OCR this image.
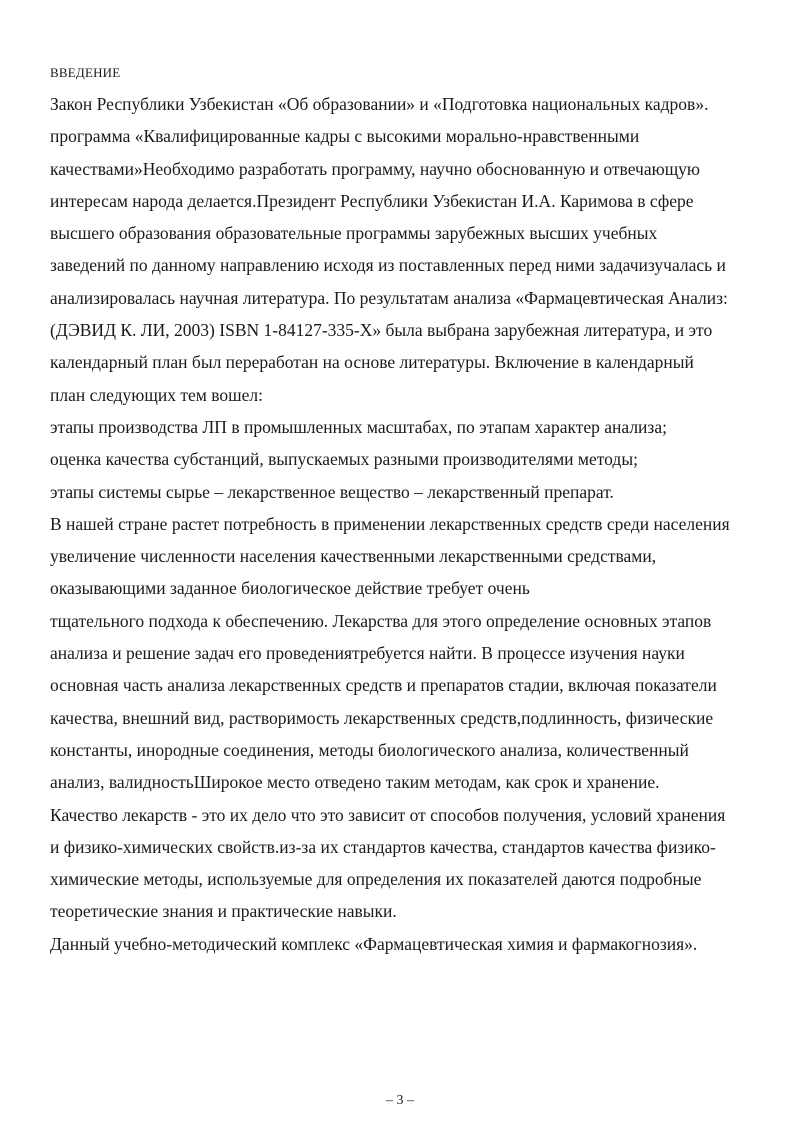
ВВЕДЕНИЕ
Закон Республики Узбекистан «Об образовании» и «Подготовка национальных кадров».
программа «Квалифицированные кадры с высокими морально-нравственными
качествами»Необходимо разработать программу, научно обоснованную и отвечающую
интересам народа делается.Президент Республики Узбекистан И.А. Каримова в сфере
высшего образования образовательные программы зарубежных высших учебных
заведений по данному направлению исходя из поставленных перед ними задачизучалась и
анализировалась научная литература. По результатам анализа «Фармацевтическая Анализ:
(ДЭВИД К. ЛИ, 2003) ISBN 1-84127-335-X» была выбрана зарубежная литература, и это
календарный план был переработан на основе литературы. Включение в календарный
план следующих тем вошел:
этапы производства ЛП в промышленных масштабах, по этапам характер анализа;
оценка качества субстанций, выпускаемых разными производителями методы;
этапы системы сырье – лекарственное вещество – лекарственный препарат.
В нашей стране растет потребность в применении лекарственных средств среди населения
увеличение численности населения качественными лекарственными средствами,
оказывающими заданное биологическое действие требует очень
тщательного подхода к обеспечению. Лекарства для этого определение основных этапов
анализа и решение задач его проведениятребуется найти. В процессе изучения науки
основная часть анализа лекарственных средств и препаратов стадии, включая показатели
качества, внешний вид, растворимость лекарственных средств,подлинность, физические
константы, инородные соединения, методы биологического анализа, количественный
анализ, валидностьШирокое место отведено таким методам, как срок и хранение.
Качество лекарств - это их дело что это зависит от способов получения, условий хранения
и физико-химических свойств.из-за их стандартов качества, стандартов качества физико-
химические методы, используемые для определения их показателей даются подробные
теоретические знания и практические навыки.
Данный учебно-методический комплекс «Фармацевтическая химия и фармакогнозия».
– 3 –
